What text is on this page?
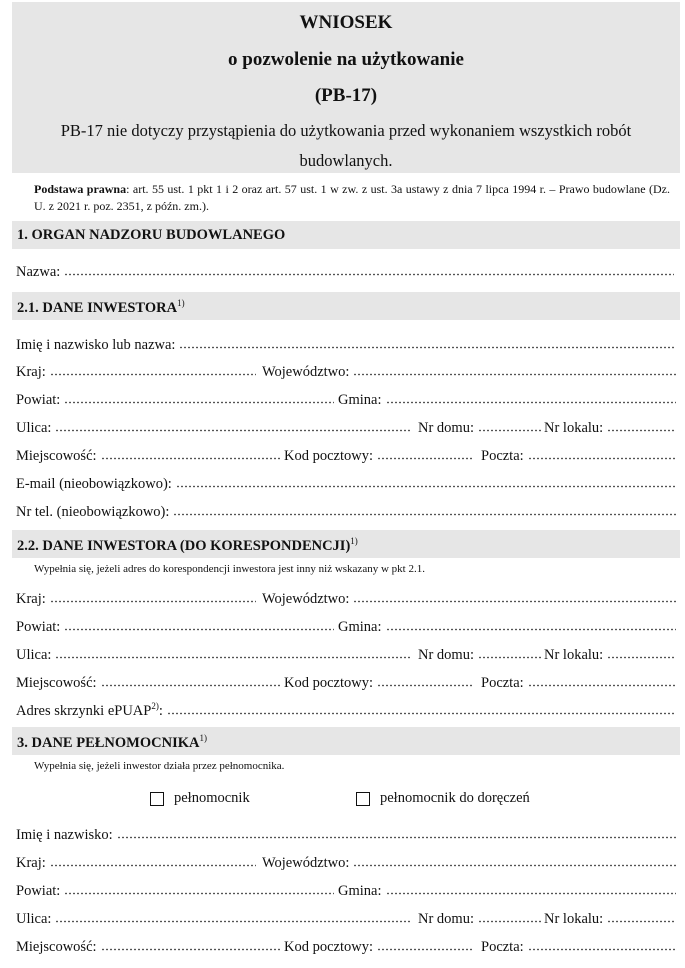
WNIOSEK
o pozwolenie na użytkowanie
(PB-17)
PB-17 nie dotyczy przystąpienia do użytkowania przed wykonaniem wszystkich robót budowlanych.
Podstawa prawna: art. 55 ust. 1 pkt 1 i 2 oraz art. 57 ust. 1 w zw. z ust. 3a ustawy z dnia 7 lipca 1994 r. – Prawo budowlane (Dz. U. z 2021 r. poz. 2351, z późn. zm.).
1. ORGAN NADZORU BUDOWLANEGO
Nazwa:
2.1. DANE INWESTORA$^{1)}$
Imię i nazwisko lub nazwa:
Kraj:	Województwo:
Powiat:	Gmina:
Ulica:	Nr domu:	Nr lokalu:
Miejscowość:	Kod pocztowy:	Poczta:
E-mail (nieobowiązkowo):
Nr tel. (nieobowiązkowo):
2.2. DANE INWESTORA (DO KORESPONDENCJI)$^{1)}$
Wypełnia się, jeżeli adres do korespondencji inwestora jest inny niż wskazany w pkt 2.1.
Kraj:	Województwo:
Powiat:	Gmina:
Ulica:	Nr domu:	Nr lokalu:
Miejscowość:	Kod pocztowy:	Poczta:
Adres skrzynki ePUAP$^{2)}$:
3. DANE PEŁNOMOCNIKA$^{1)}$
Wypełnia się, jeżeli inwestor działa przez pełnomocnika.
pełnomocnik	pełnomocnik do doręczeń
Imię i nazwisko:
Kraj:	Województwo:
Powiat:	Gmina:
Ulica:	Nr domu:	Nr lokalu:
Miejscowość:	Kod pocztowy:	Poczta:
